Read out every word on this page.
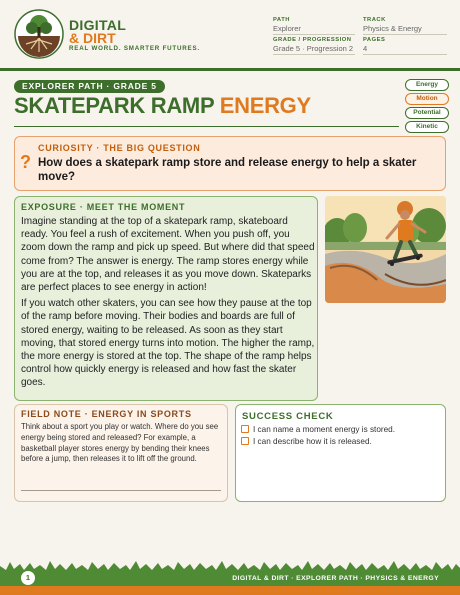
DIGITAL
& DIRT
REAL WORLD. SMARTER FUTURES.
PATH
Explorer
TRACK
Physics & Energy
GRADE / PROGRESSION
Grade 5 · Progression 2
PAGES
4
EXPLORER PATH · GRADE 5
SKATEPARK RAMP ENERGY
Energy
Motion
Potential
Kinetic
?
CURIOSITY · THE BIG QUESTION
How does a skatepark ramp store and release energy to help a skater move?
EXPOSURE · MEET THE MOMENT

Imagine standing at the top of a skatepark ramp, skateboard ready. You feel a rush of excitement. When you push off, you zoom down the ramp and pick up speed. But where did that speed come from? The answer is energy. The ramp stores energy while you are at the top, and releases it as you move down. Skateparks are perfect places to see energy in action!

If you watch other skaters, you can see how they pause at the top of the ramp before moving. Their bodies and boards are full of stored energy, waiting to be released. As soon as they start moving, that stored energy turns into motion. The higher the ramp, the more energy is stored at the top. The shape of the ramp helps control how quickly energy is released and how fast the skater goes.

FIELD NOTE · ENERGY IN SPORTS
Think about a sport you play or watch. Where do you see energy being stored and released? For example, a basketball player stores energy by bending their knees before a jump, then releases it to lift off the ground.
SUCCESS CHECK
I can name a moment energy is stored.
I can describe how it is released.
1	DIGITAL & DIRT · EXPLORER PATH · PHYSICS & ENERGY
